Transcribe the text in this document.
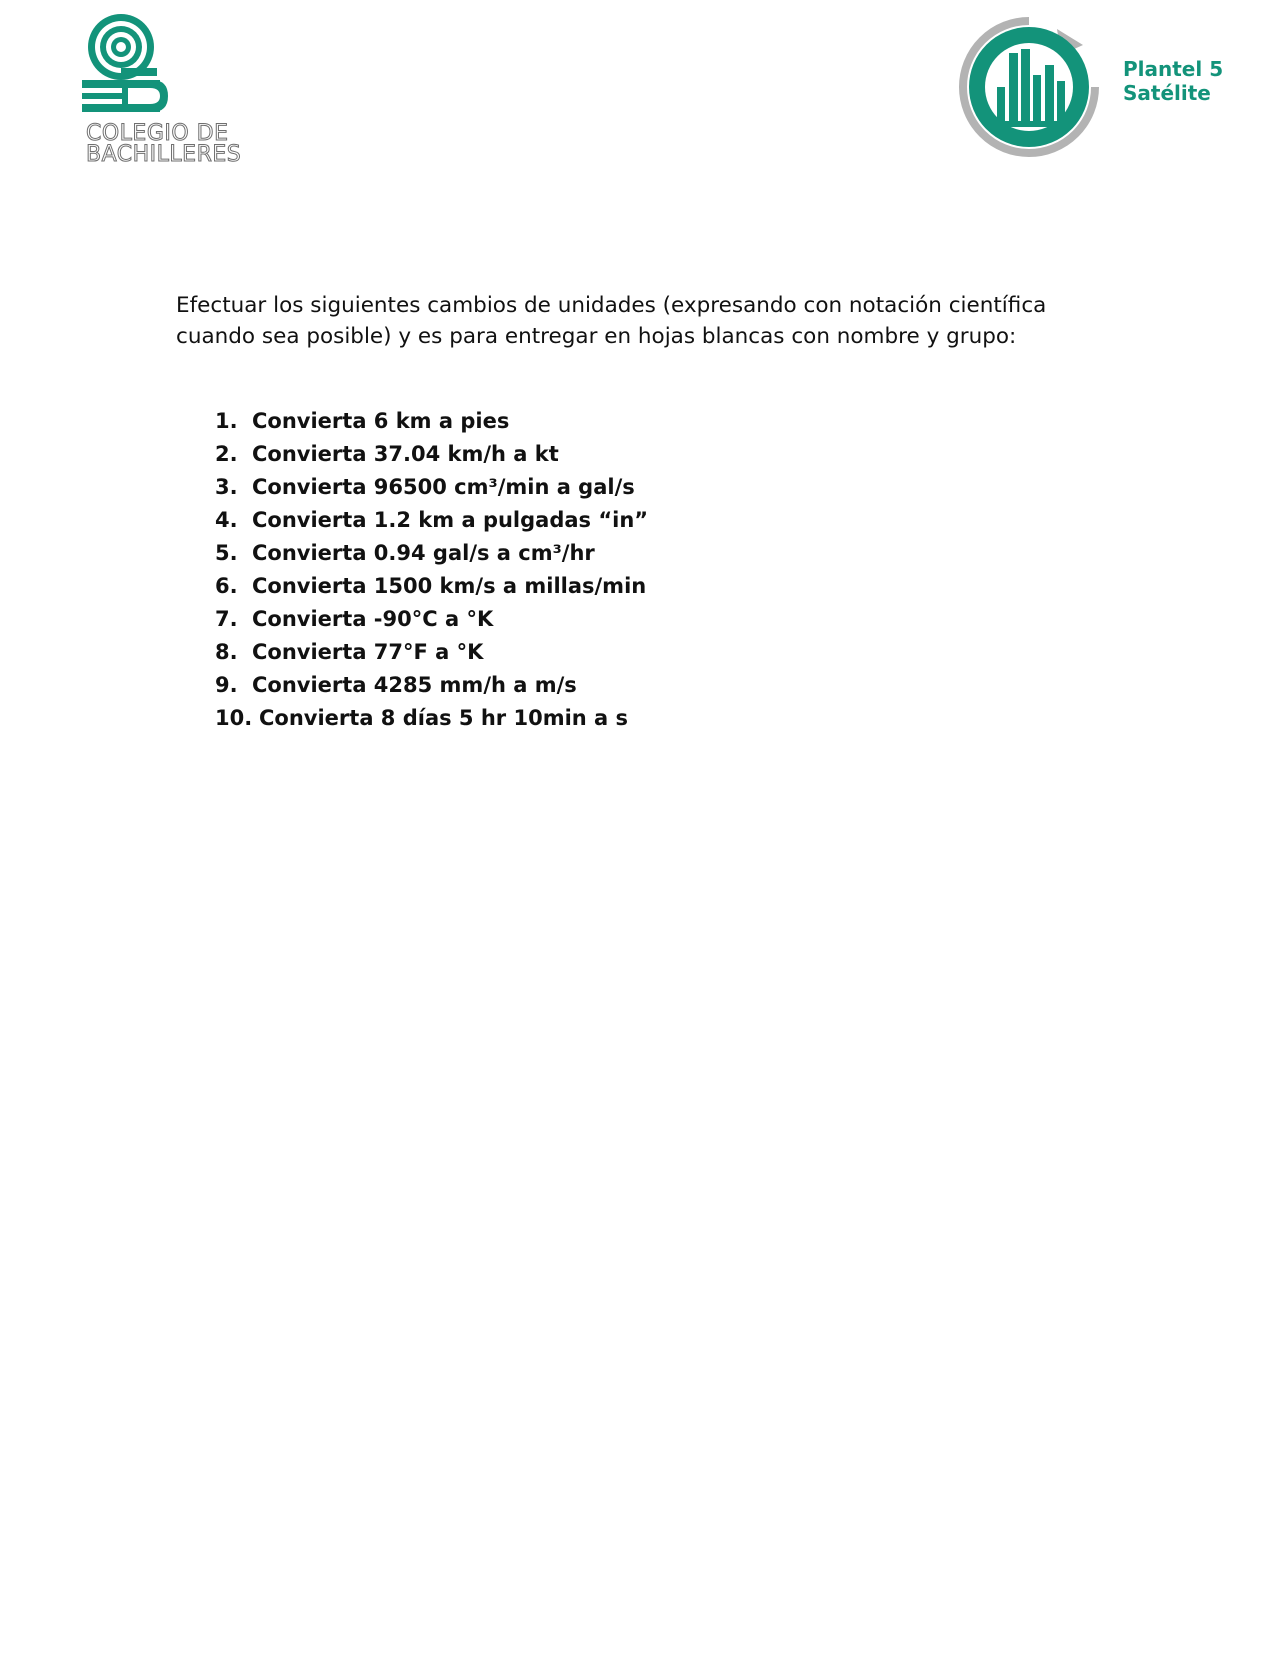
COLEGIO DE
BACHILLERES
Plantel 5
Satélite

Efectuar los siguientes cambios de unidades (expresando con notación científica cuando sea posible) y es para entregar en hojas blancas con nombre y grupo:

1. Convierta 6 km a pies
2. Convierta 37.04 km/h a kt
3. Convierta 96500 cm³/min a gal/s
4. Convierta 1.2 km a pulgadas “in”
5. Convierta 0.94 gal/s a cm³/hr
6. Convierta 1500 km/s a millas/min
7. Convierta -90°C a °K
8. Convierta 77°F a °K
9. Convierta 4285 mm/h a m/s
10. Convierta 8 días 5 hr 10min a s
